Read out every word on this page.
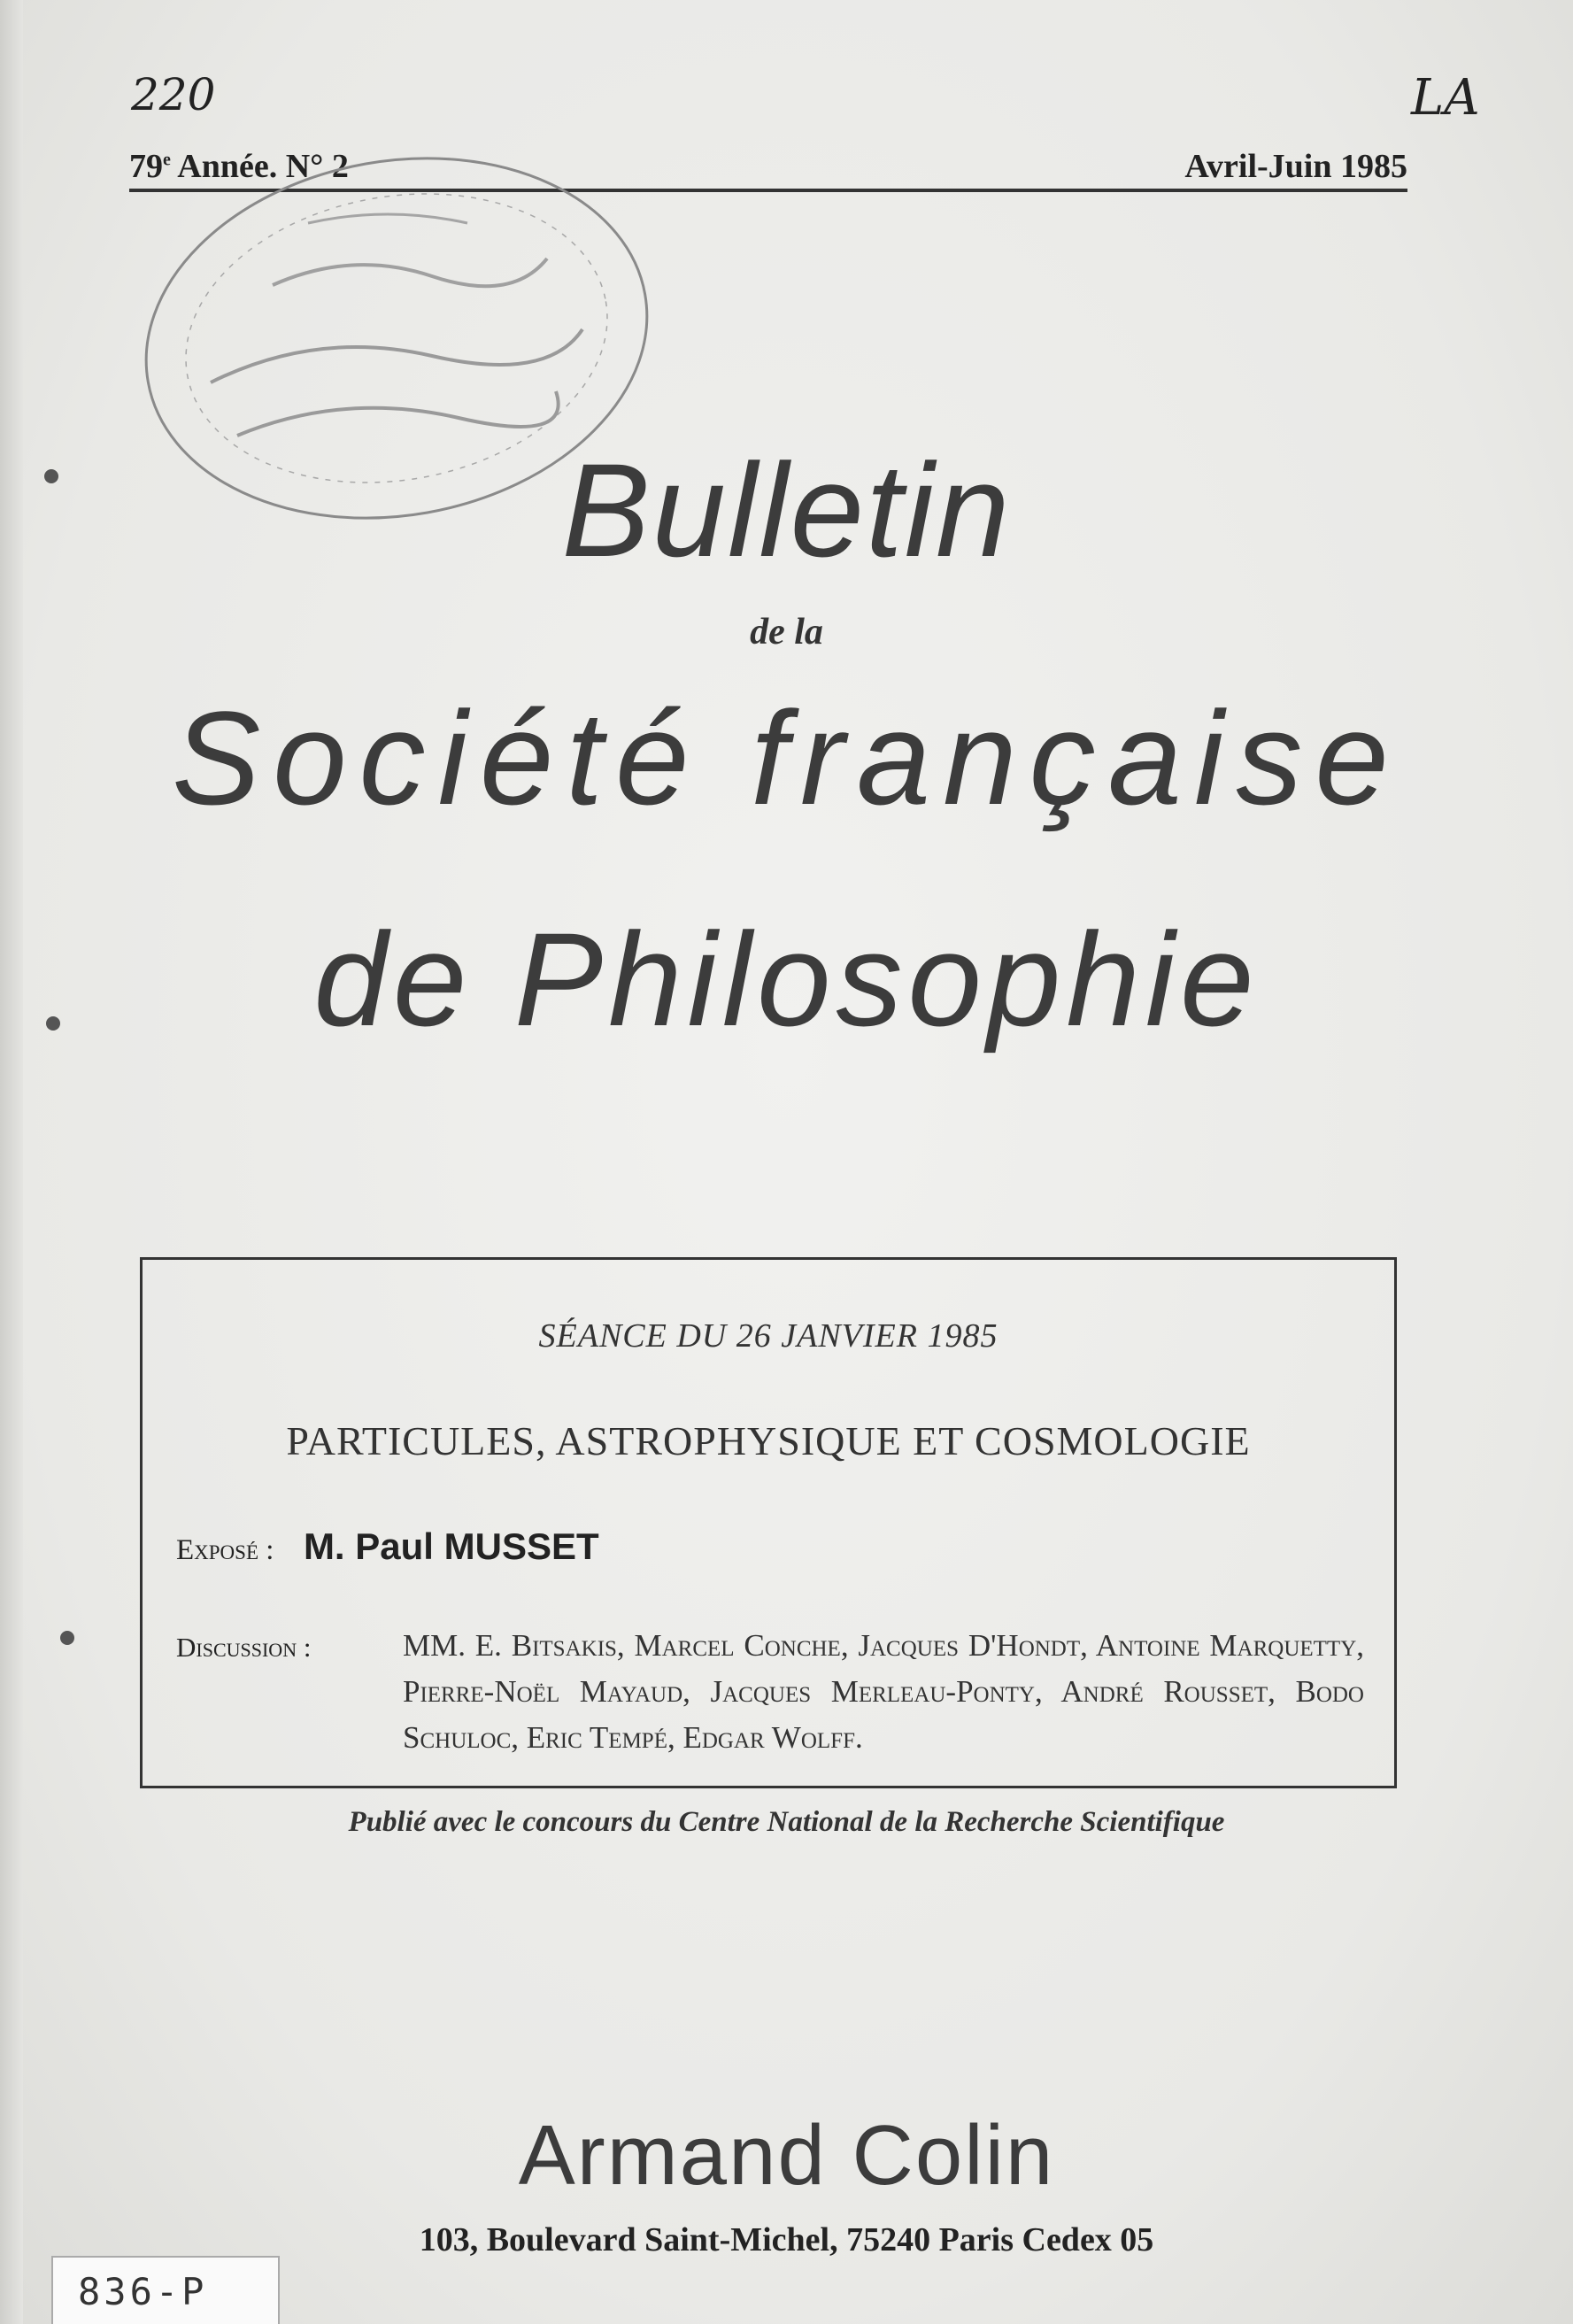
220	LA
79e Année. N° 2	Avril-Juin 1985
Bulletin
de la
Société française
de Philosophie
SÉANCE DU 26 JANVIER 1985
PARTICULES, ASTROPHYSIQUE ET COSMOLOGIE
Exposé : M. Paul MUSSET
Discussion :	MM. E. Bitsakis, Marcel Conche, Jacques D'Hondt, Antoine Marquetty, Pierre-Noël Mayaud, Jacques Merleau-Ponty, André Rousset, Bodo Schuloc, Eric Tempé, Edgar Wolff.
Publié avec le concours du Centre National de la Recherche Scientifique
Armand Colin
103, Boulevard Saint-Michel, 75240 Paris Cedex 05
836-P
